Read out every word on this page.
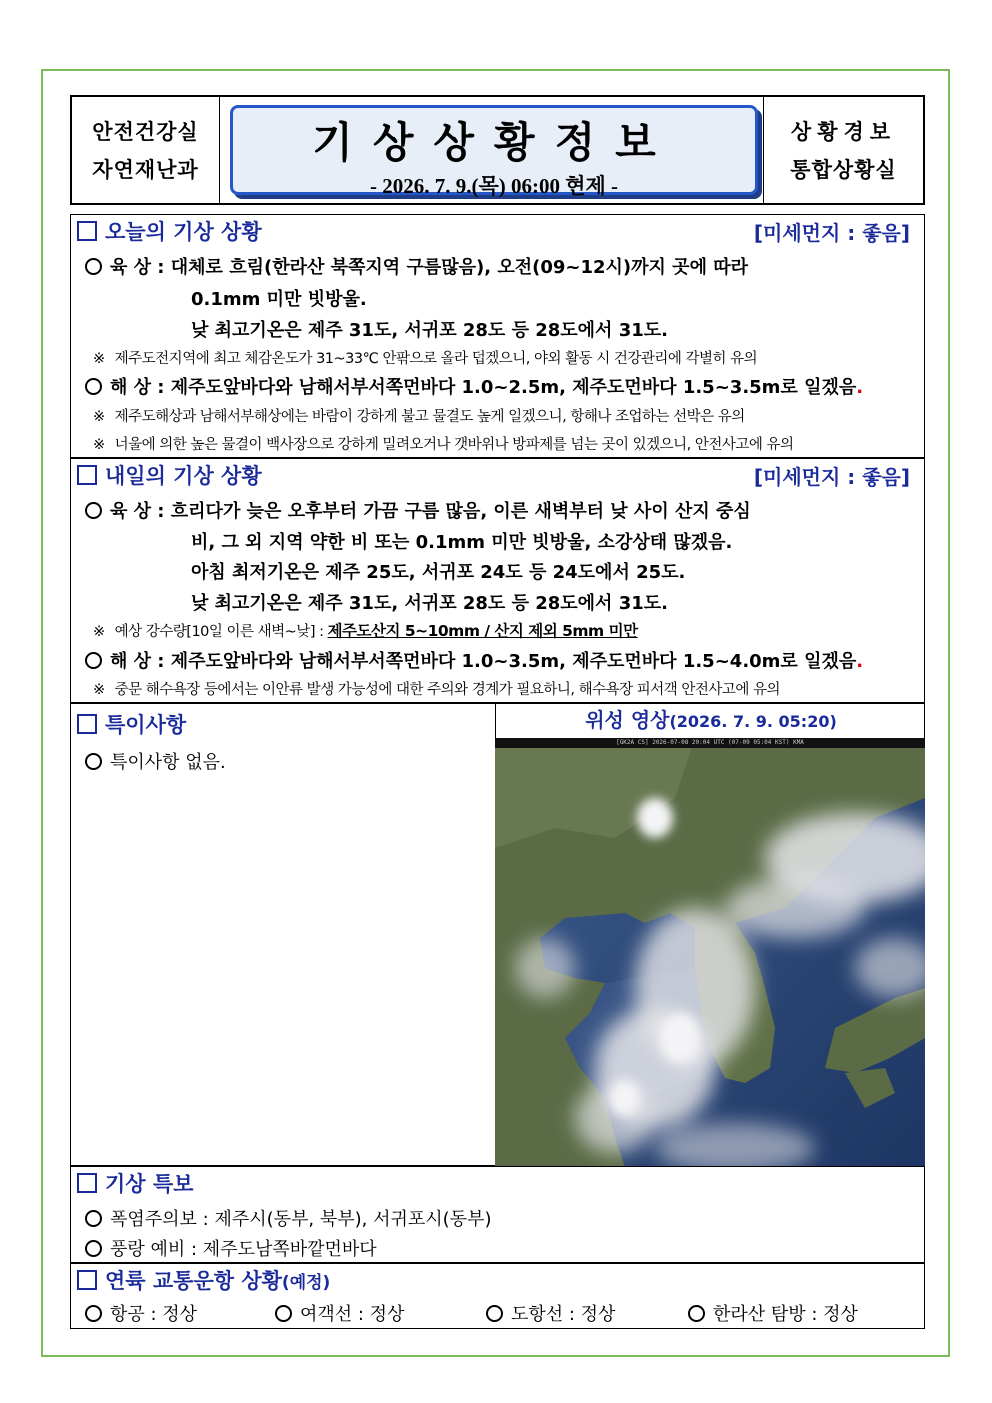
안전건강실
자연재난과
기상상황정보
- 2026. 7. 9.(목) 06:00 현제 -
상황경보
통합상황실
오늘의 기상 상황	[미세먼지 : 좋음]
육 상 : 대체로 흐림(한라산 북쪽지역 구름많음), 오전(09~12시)까지 곳에 따라
0.1mm 미만 빗방울.
낮 최고기온은 제주 31도, 서귀포 28도 등 28도에서 31도.
※ 제주도전지역에 최고 체감온도가 31~33℃ 안팎으로 올라 덥겠으니, 야외 활동 시 건강관리에 각별히 유의
해 상 : 제주도앞바다와 남해서부서쪽먼바다 1.0~2.5m, 제주도먼바다 1.5~3.5m로 일겠음.
※ 제주도해상과 남해서부해상에는 바람이 강하게 불고 물결도 높게 일겠으니, 항해나 조업하는 선박은 유의
※ 너울에 의한 높은 물결이 백사장으로 강하게 밀려오거나 갯바위나 방파제를 넘는 곳이 있겠으니, 안전사고에 유의
내일의 기상 상황	[미세먼지 : 좋음]
육 상 : 흐리다가 늦은 오후부터 가끔 구름 많음, 이른 새벽부터 낮 사이 산지 중심
비, 그 외 지역 약한 비 또는 0.1mm 미만 빗방울, 소강상태 많겠음.
아침 최저기온은 제주 25도, 서귀포 24도 등 24도에서 25도.
낮 최고기온은 제주 31도, 서귀포 28도 등 28도에서 31도.
※ 예상 강수량[10일 이른 새벽~낮] : 제주도산지 5~10mm / 산지 제외 5mm 미만
해 상 : 제주도앞바다와 남해서부서쪽먼바다 1.0~3.5m, 제주도먼바다 1.5~4.0m로 일겠음.
※ 중문 해수욕장 등에서는 이안류 발생 가능성에 대한 주의와 경계가 필요하니, 해수욕장 피서객 안전사고에 유의
특이사항
특이사항 없음.
위성 영상(2026. 7. 9. 05:20)
[GK2A CS] 2026-07-08 20:04 UTC (07-09 05:04 KST) KMA
기상 특보
폭염주의보 : 제주시(동부, 북부), 서귀포시(동부)
풍랑 예비 : 제주도남쪽바깥먼바다
연륙 교통운항 상황 (예정)
항공 : 정상	여객선 : 정상	도항선 : 정상	한라산 탐방 : 정상
